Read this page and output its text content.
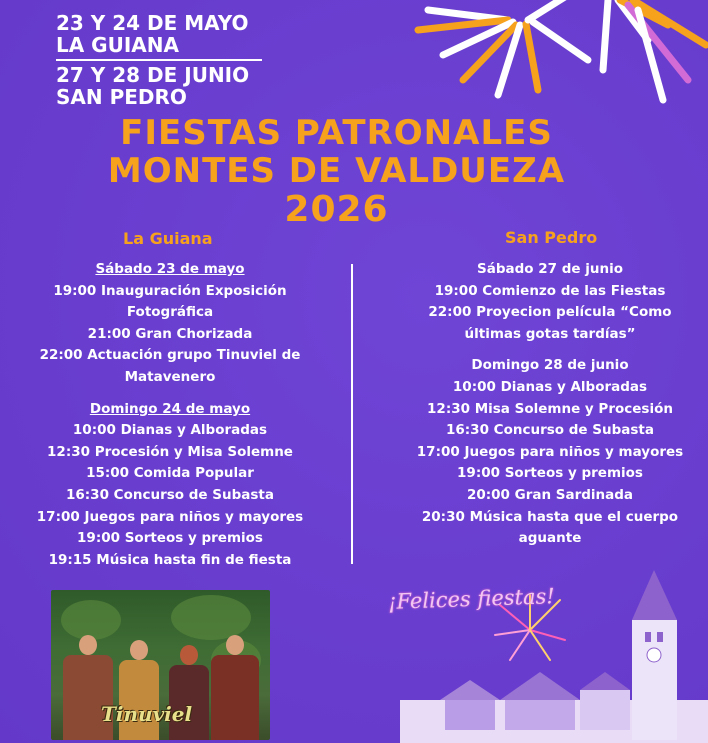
23 Y 24 DE MAYO
LA GUIANA
27 Y 28 DE JUNIO
SAN PEDRO
FIESTAS PATRONALES
MONTES DE VALDUEZA
2026
La Guiana	San Pedro
Sábado 23 de mayo
19:00 Inauguración Exposición
Fotográfica
21:00 Gran Chorizada
22:00 Actuación grupo Tinuviel de
Matavenero
Domingo 24 de mayo
10:00 Dianas y Alboradas
12:30 Procesión y Misa Solemne
15:00 Comida Popular
16:30 Concurso de Subasta
17:00 Juegos para niños y mayores
19:00 Sorteos y premios
19:15 Música hasta fin de fiesta
Sábado 27 de junio
19:00 Comienzo de las Fiestas
22:00 Proyecion película “Como
últimas gotas tardías”
Domingo 28 de junio
10:00 Dianas y Alboradas
12:30 Misa Solemne y Procesión
16:30 Concurso de Subasta
17:00 Juegos para niños y mayores
19:00 Sorteos y premios
20:00 Gran Sardinada
20:30 Música hasta que el cuerpo
aguante
Tinuviel
¡Felices fiestas!
